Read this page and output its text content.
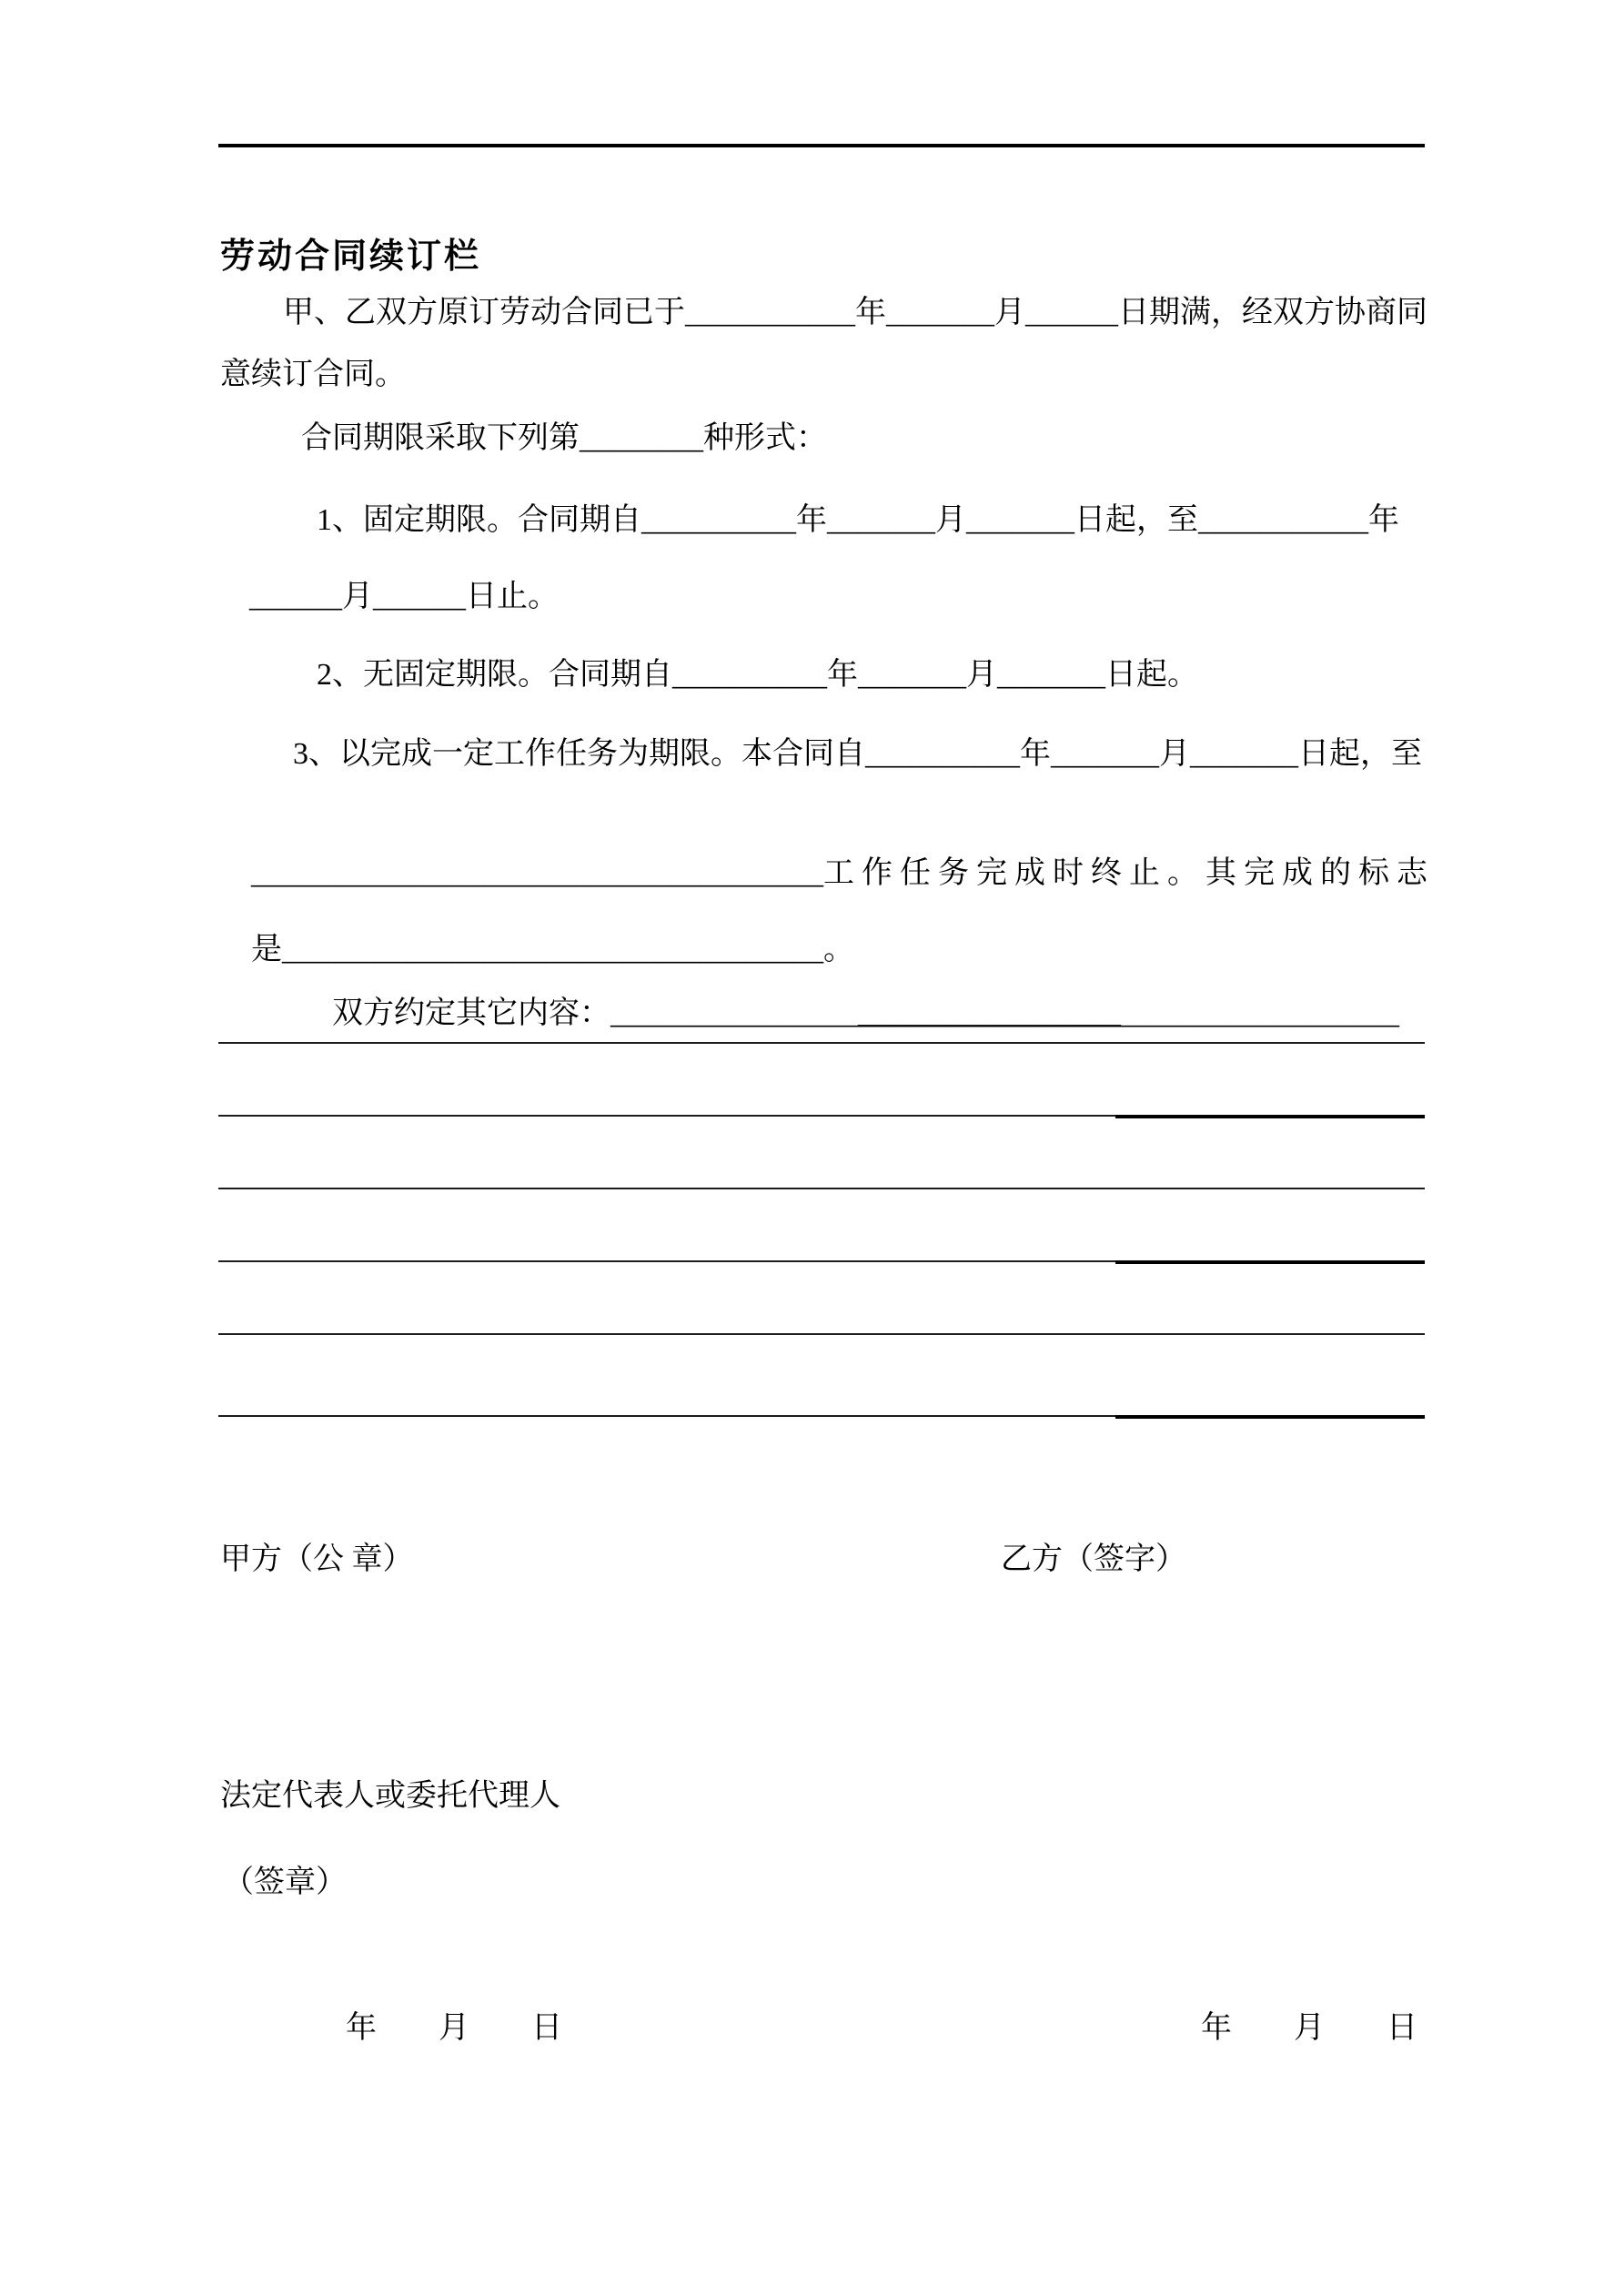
劳动合同续订栏
甲、乙双方原订劳动合同已于___________年_______月______日期满，经双方协商同
意续订合同。
合同期限采取下列第________种形式：
1、固定期限。合同期自__________年_______月_______日起，至___________年
______月______日止。
2、无固定期限。合同期自__________年_______月_______日起。
3、以完成一定工作任务为期限。本合同自__________年_______月_______日起，至

_____________________________________工作任务完成时终止。其完成的标志

是___________________________________。

双方约定其它内容：___________________________________________________

甲方（公 章）	乙方（签字）
法定代表人或委托代理人
（签章）
年　　月　　日	年　　月　　日
